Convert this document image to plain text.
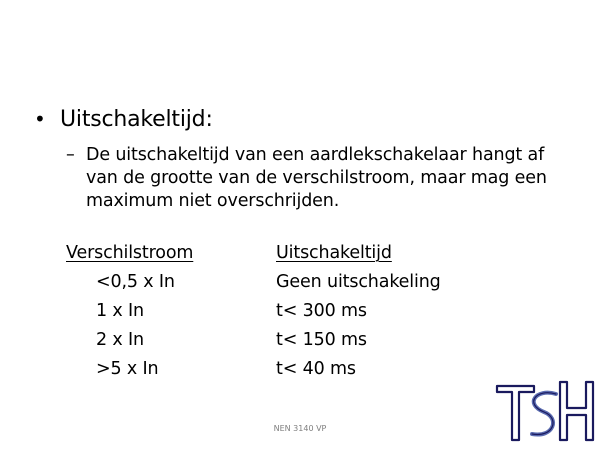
• Uitschakeltijd:
– De uitschakeltijd van een aardlekschakelaar hangt af van de grootte van de verschilstroom, maar mag een maximum niet overschrijden.
Verschilstroom	Uitschakeltijd
<0,5 x In	Geen uitschakeling
1 x In	t< 300 ms
2 x In	t< 150 ms
>5 x In	t< 40 ms
NEN 3140 VP
